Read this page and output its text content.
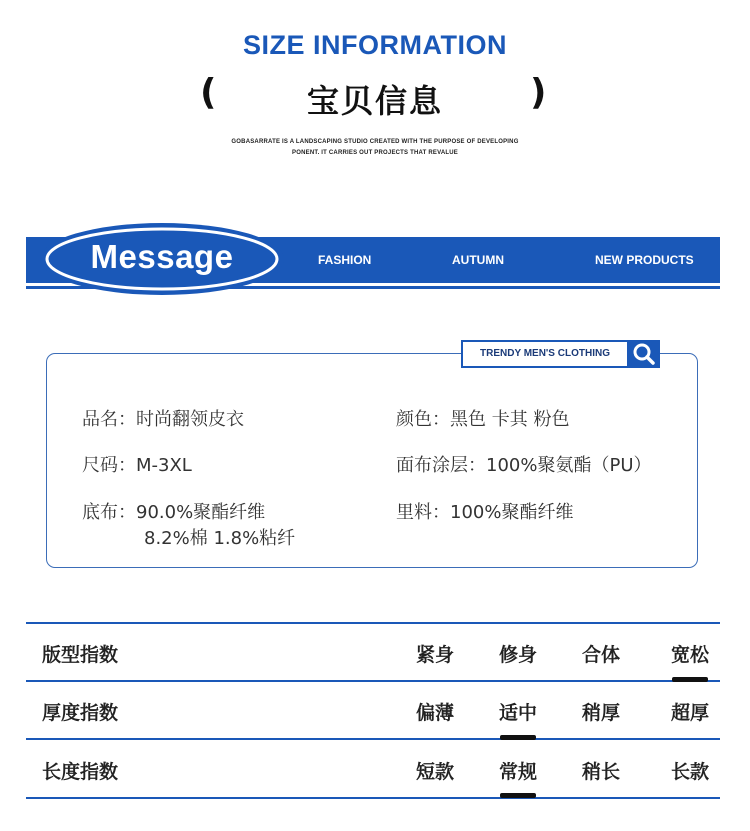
SIZE INFORMATION
(	宝贝信息	)
GOBASARRATE IS A LANDSCAPING STUDIO CREATED WITH THE PURPOSE OF DEVELOPING
PONENT. IT CARRIES OUT PROJECTS THAT REVALUE
Message	FASHION	AUTUMN	NEW PRODUCTS
TRENDY MEN'S CLOTHING
品名：时尚翻领皮衣
尺码：M-3XL
底布：90.0%聚酯纤维
8.2%棉 1.8%粘纤
颜色：黑色 卡其 粉色
面布涂层：100%聚氨酯（PU）
里料：100%聚酯纤维
版型指数	紧身	修身	合体	宽松
厚度指数	偏薄	适中	稍厚	超厚
长度指数	短款	常规	稍长	长款
